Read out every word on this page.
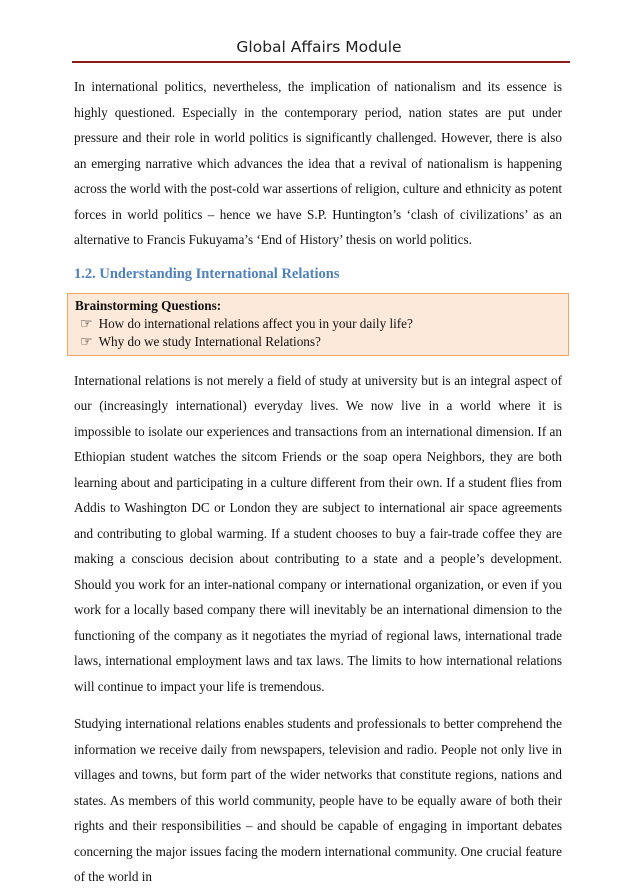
Global Affairs Module

In international politics, nevertheless, the implication of nationalism and its essence is highly questioned. Especially in the contemporary period, nation states are put under pressure and their role in world politics is significantly challenged. However, there is also an emerging narrative which advances the idea that a revival of nationalism is happening across the world with the post-cold war assertions of religion, culture and ethnicity as potent forces in world politics – hence we have S.P. Huntington’s ‘clash of civilizations’ as an alternative to Francis Fukuyama’s ‘End of History’ thesis on world politics.

1.2. Understanding International Relations
Brainstorming Questions:
☞ How do international relations affect you in your daily life?
☞ Why do we study International Relations?

International relations is not merely a field of study at university but is an integral aspect of our (increasingly international) everyday lives. We now live in a world where it is impossible to isolate our experiences and transactions from an international dimension. If an Ethiopian student watches the sitcom Friends or the soap opera Neighbors, they are both learning about and participating in a culture different from their own. If a student flies from Addis to Washington DC or London they are subject to international air space agreements and contributing to global warming. If a student chooses to buy a fair-trade coffee they are making a conscious decision about contributing to a state and a people’s development. Should you work for an inter-national company or international organization, or even if you work for a locally based company there will inevitably be an international dimension to the functioning of the company as it negotiates the myriad of regional laws, international trade laws, international employment laws and tax laws. The limits to how international relations will continue to impact your life is tremendous.

Studying international relations enables students and professionals to better comprehend the information we receive daily from newspapers, television and radio. People not only live in villages and towns, but form part of the wider networks that constitute regions, nations and states. As members of this world community, people have to be equally aware of both their rights and their responsibilities – and should be capable of engaging in important debates concerning the major issues facing the modern international community. One crucial feature of the world in
